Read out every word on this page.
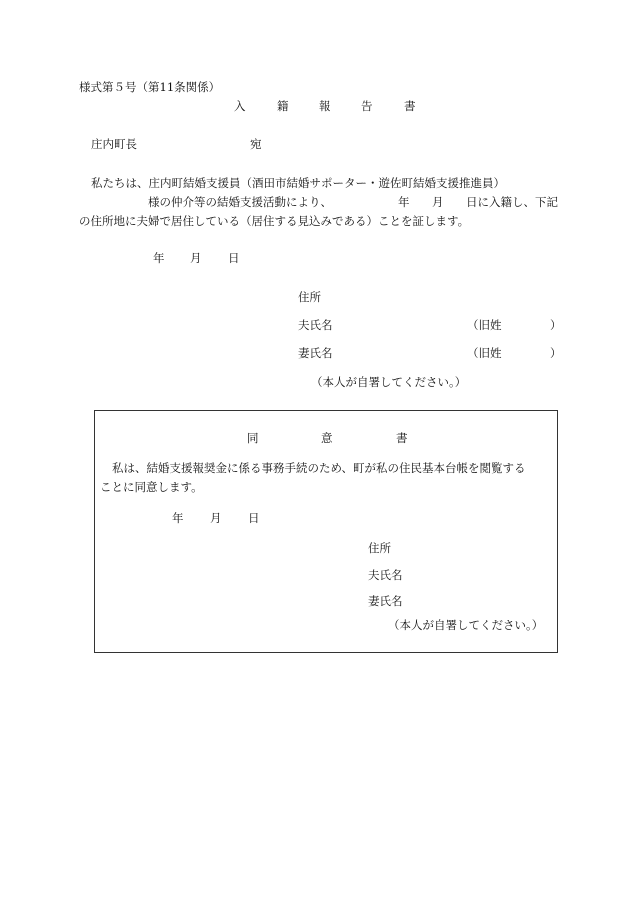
様式第５号（第11条関係）
入	籍	報	告	書
庄内町長	宛
私たちは、庄内町結婚支援員（酒田市結婚サポーター・遊佐町結婚支援推進員）
様の仲介等の結婚支援活動により、	年 月 日に入籍し、下記
の住所地に夫婦で居住している（居住する見込みである）ことを証します。
年 月 日
住所
夫氏名	（旧姓	）
妻氏名	（旧姓	）
（本人が自署してください。）
同	意	書
私は、結婚支援報奨金に係る事務手続のため、町が私の住民基本台帳を閲覧する
ことに同意します。
年 月 日
住所
夫氏名
妻氏名
（本人が自署してください。）
